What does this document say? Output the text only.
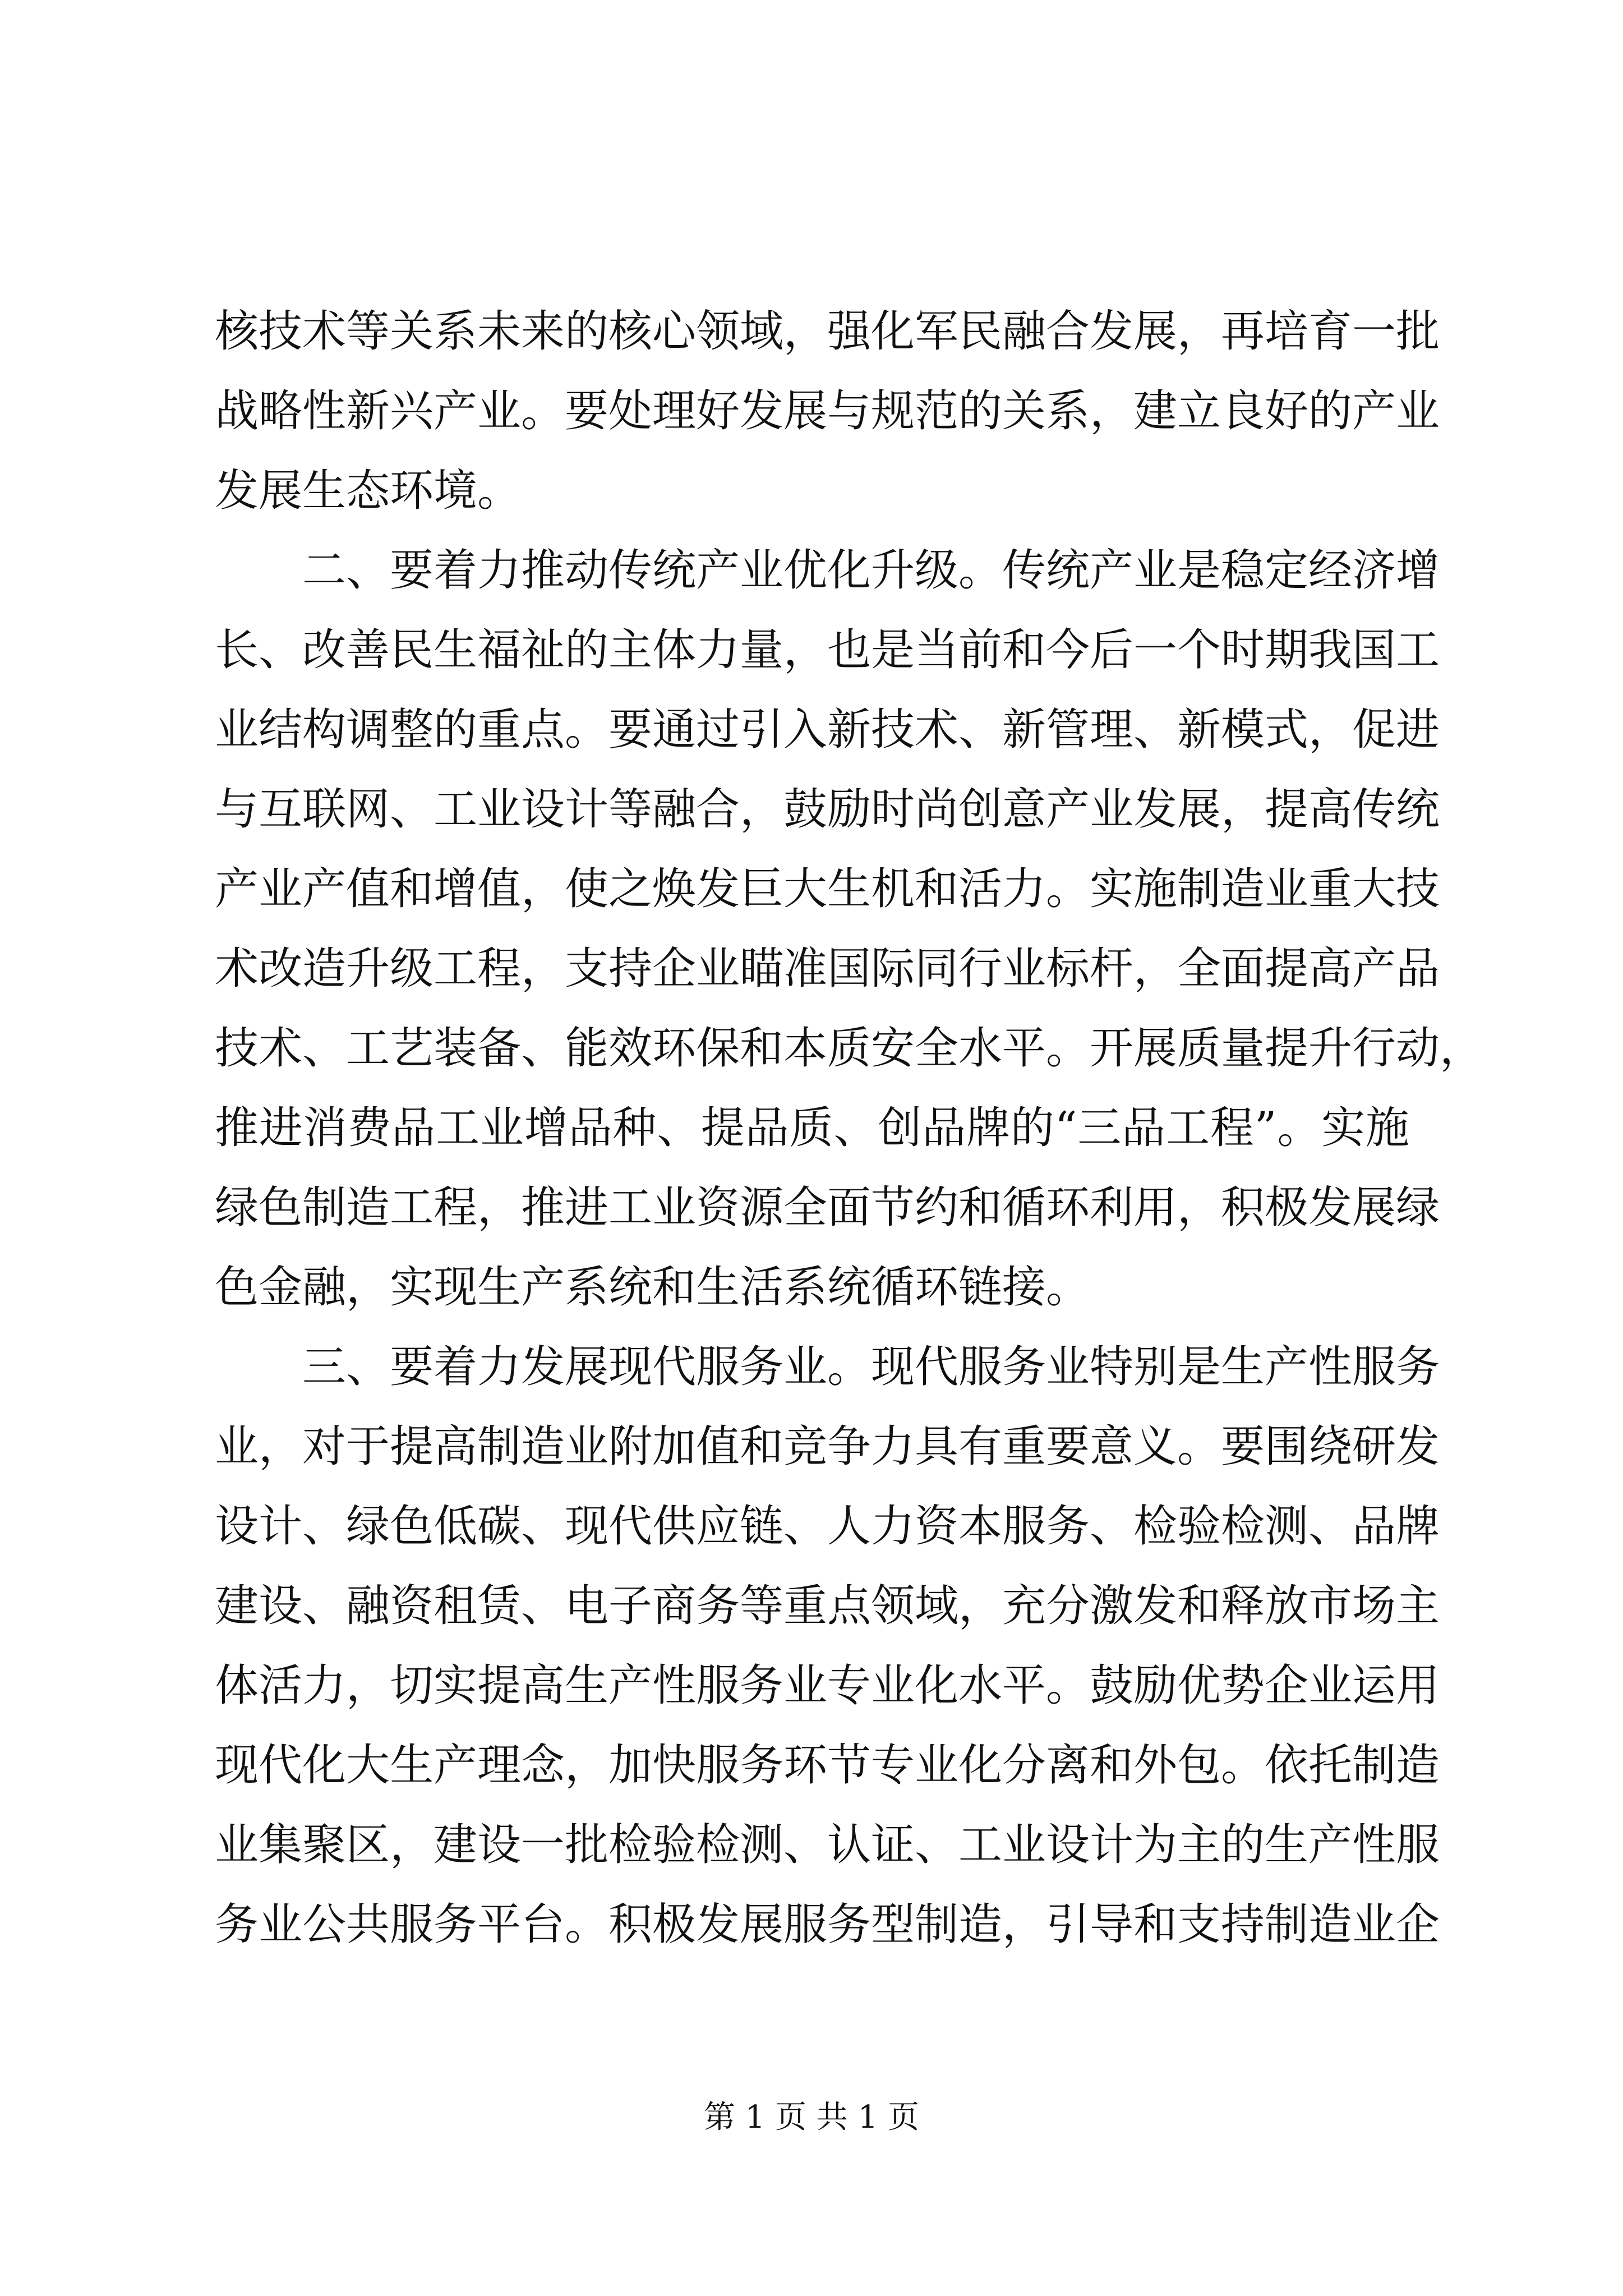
核技术等关系未来的核心领域，强化军民融合发展，再培育一批
战略性新兴产业。要处理好发展与规范的关系，建立良好的产业
发展生态环境。
二、要着力推动传统产业优化升级。传统产业是稳定经济增
长、改善民生福祉的主体力量，也是当前和今后一个时期我国工
业结构调整的重点。要通过引入新技术、新管理、新模式，促进
与互联网、工业设计等融合，鼓励时尚创意产业发展，提高传统
产业产值和增值，使之焕发巨大生机和活力。实施制造业重大技
术改造升级工程，支持企业瞄准国际同行业标杆，全面提高产品
技术、工艺装备、能效环保和本质安全水平。开展质量提升行动，
推进消费品工业增品种、提品质、创品牌的“三品工程”。实施
绿色制造工程，推进工业资源全面节约和循环利用，积极发展绿
色金融，实现生产系统和生活系统循环链接。
三、要着力发展现代服务业。现代服务业特别是生产性服务
业，对于提高制造业附加值和竞争力具有重要意义。要围绕研发
设计、绿色低碳、现代供应链、人力资本服务、检验检测、品牌
建设、融资租赁、电子商务等重点领域，充分激发和释放市场主
体活力，切实提高生产性服务业专业化水平。鼓励优势企业运用
现代化大生产理念，加快服务环节专业化分离和外包。依托制造
业集聚区，建设一批检验检测、认证、工业设计为主的生产性服
务业公共服务平台。积极发展服务型制造，引导和支持制造业企
第 1 页 共 1 页
